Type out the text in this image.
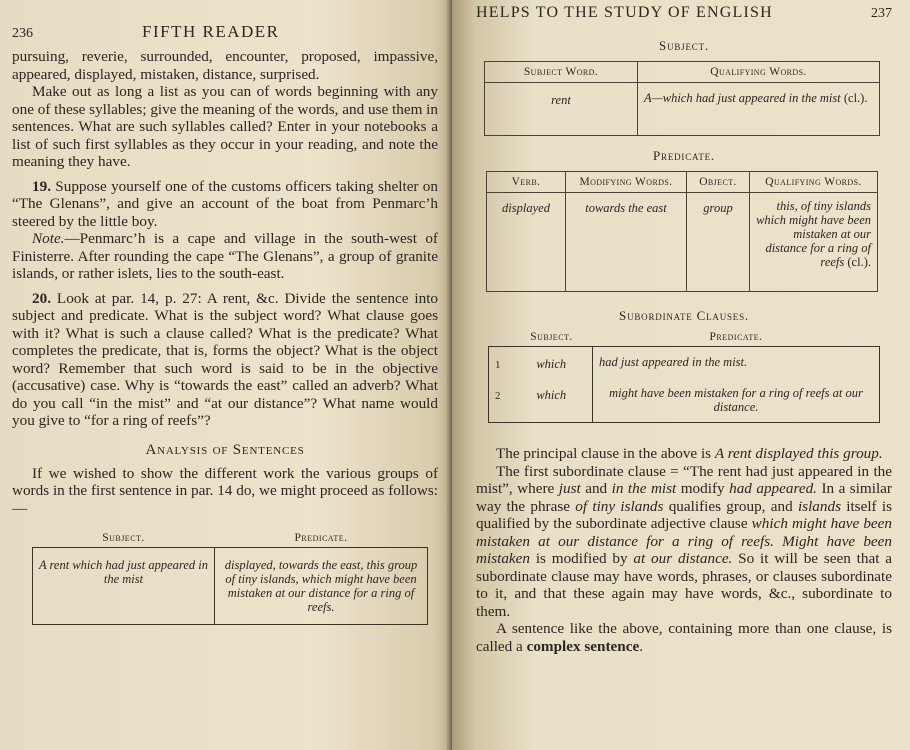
236	FIFTH READER

pursuing, reverie, surrounded, encounter, proposed, impassive, appeared, displayed, mistaken, distance, surprised.

Make out as long a list as you can of words beginning with any one of these syllables; give the meaning of the words, and use them in sentences. What are such syllables called? Enter in your notebooks a list of such first syllables as they occur in your reading, and note the meaning they have.

19. Suppose yourself one of the customs officers taking shelter on “The Glenans”, and give an account of the boat from Penmarc’h steered by the little boy.

Note.—Penmarc’h is a cape and village in the south-west of Finisterre. After rounding the cape “The Glenans”, a group of granite islands, or rather islets, lies to the south-east.

20. Look at par. 14, p. 27: A rent, &c. Divide the sentence into subject and predicate. What is the subject word? What clause goes with it? What is such a clause called? What is the predicate? What completes the predicate, that is, forms the object? What is the object word? Remember that such word is said to be in the objective (accusative) case. Why is “towards the east” called an adverb? What do you call “in the mist” and “at our distance”? What name would you give to “for a ring of reefs”?

Analysis of Sentences

If we wished to show the different work the various groups of words in the first sentence in par. 14 do, we might proceed as follows:—

Subject.	Predicate.
A rent which had just appeared in the mist	displayed, towards the east, this group of tiny islands, which might have been mistaken at our distance for a ring of reefs.
HELPS TO THE STUDY OF ENGLISH	237
Subject.
Subject Word.	Qualifying Words.
rent	A—which had just appeared in the mist (cl.).
Predicate.
Verb.	Modifying Words.	Object.	Qualifying Words.
displayed	towards the east	group	this, of tiny islands which might have been mistaken at our distance for a ring of reefs (cl.).
Subordinate Clauses.
	Subject.	Predicate.
1	which	had just appeared in the mist.
2	which	might have been mistaken for a ring of reefs at our distance.

The principal clause in the above is A rent displayed this group.

The first subordinate clause = “The rent had just appeared in the mist”, where just and in the mist modify had appeared. In a similar way the phrase of tiny islands qualifies group, and islands itself is qualified by the subordinate adjective clause which might have been mistaken at our distance for a ring of reefs. Might have been mistaken is modified by at our distance. So it will be seen that a subordinate clause may have words, phrases, or clauses subordinate to it, and that these again may have words, &c., subordinate to them.

A sentence like the above, containing more than one clause, is called a complex sentence.
